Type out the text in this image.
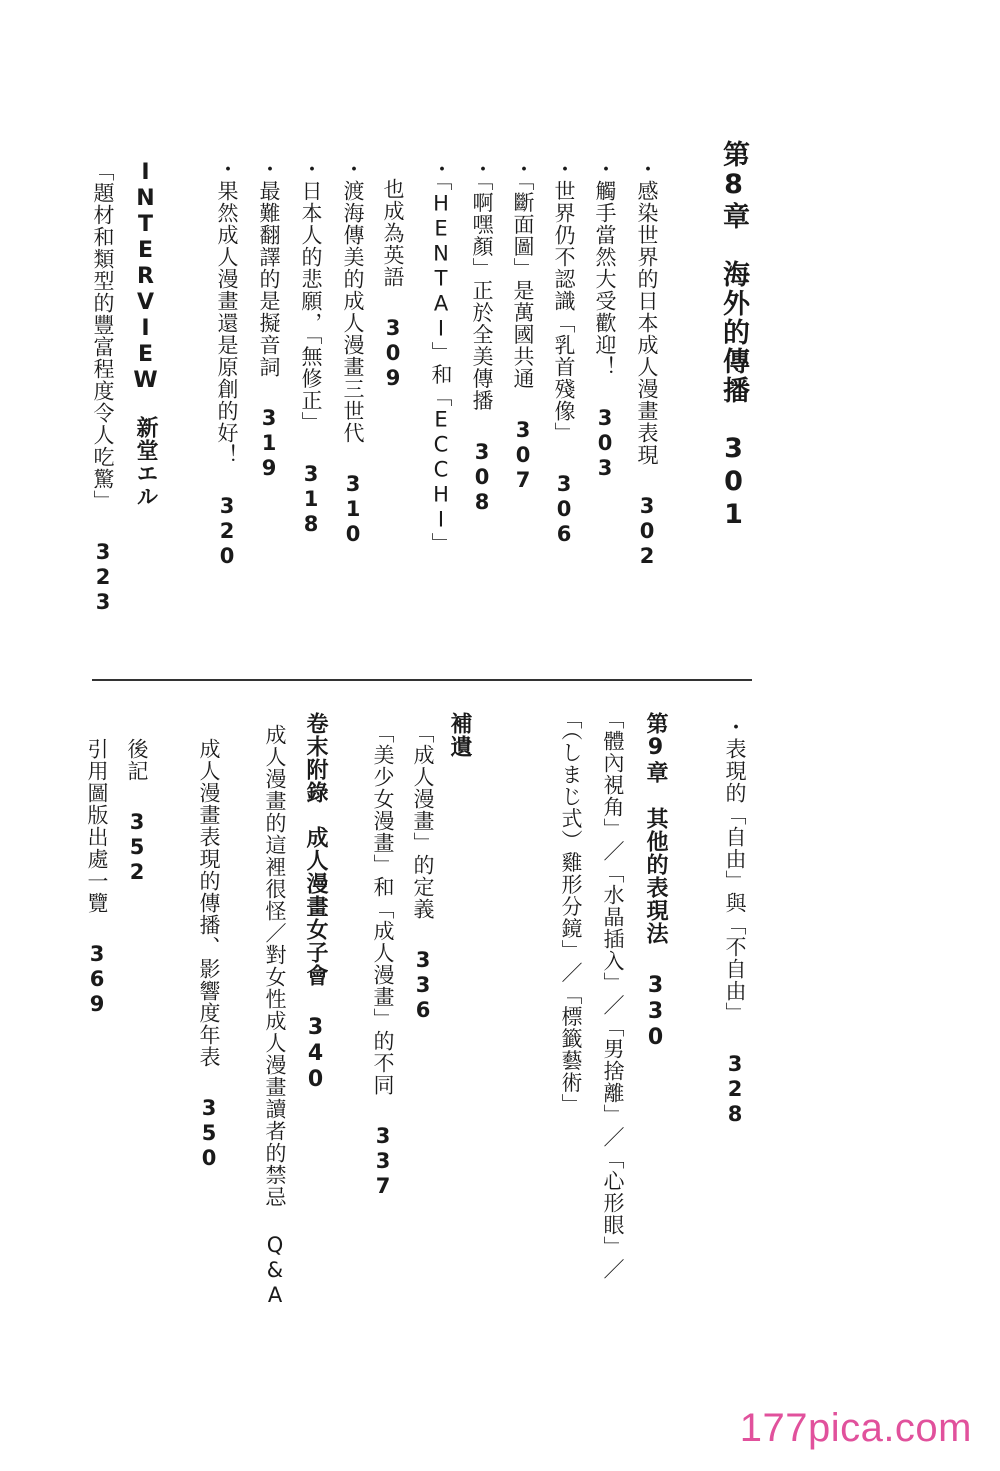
第8章　海外的傳播301
・感染世界的日本成人漫畫表現302
・觸手當然大受歡迎！303
・世界仍不認識「乳首殘像」306
・「斷面圖」是萬國共通307
・「啊嘿顏」正於全美傳播308
・「HENTAI」和「ECCHI」
也成為英語309
・渡海傳美的成人漫畫三世代310
・日本人的悲願，「無修正」318
・最難翻譯的是擬音詞319
・果然成人漫畫還是原創的好！320
INTERVIEW新堂エル
「題材和類型的豐富程度令人吃驚」323
・表現的「自由」與「不自由」328
第9章　其他的表現法330
「體內視角」／「水晶插入」／「男捨離」／「心形眼」／
「（しまじ式）雞形分鏡」／「標籤藝術」
補遺
「成人漫畫」的定義336
「美少女漫畫」和「成人漫畫」的不同337
卷末附錄成人漫畫女子會340
成人漫畫的這裡很怪／對女性成人漫畫讀者的禁忌 Q&A
成人漫畫表現的傳播、影響度年表350
後記352
引用圖版出處一覽369
177pica.com
